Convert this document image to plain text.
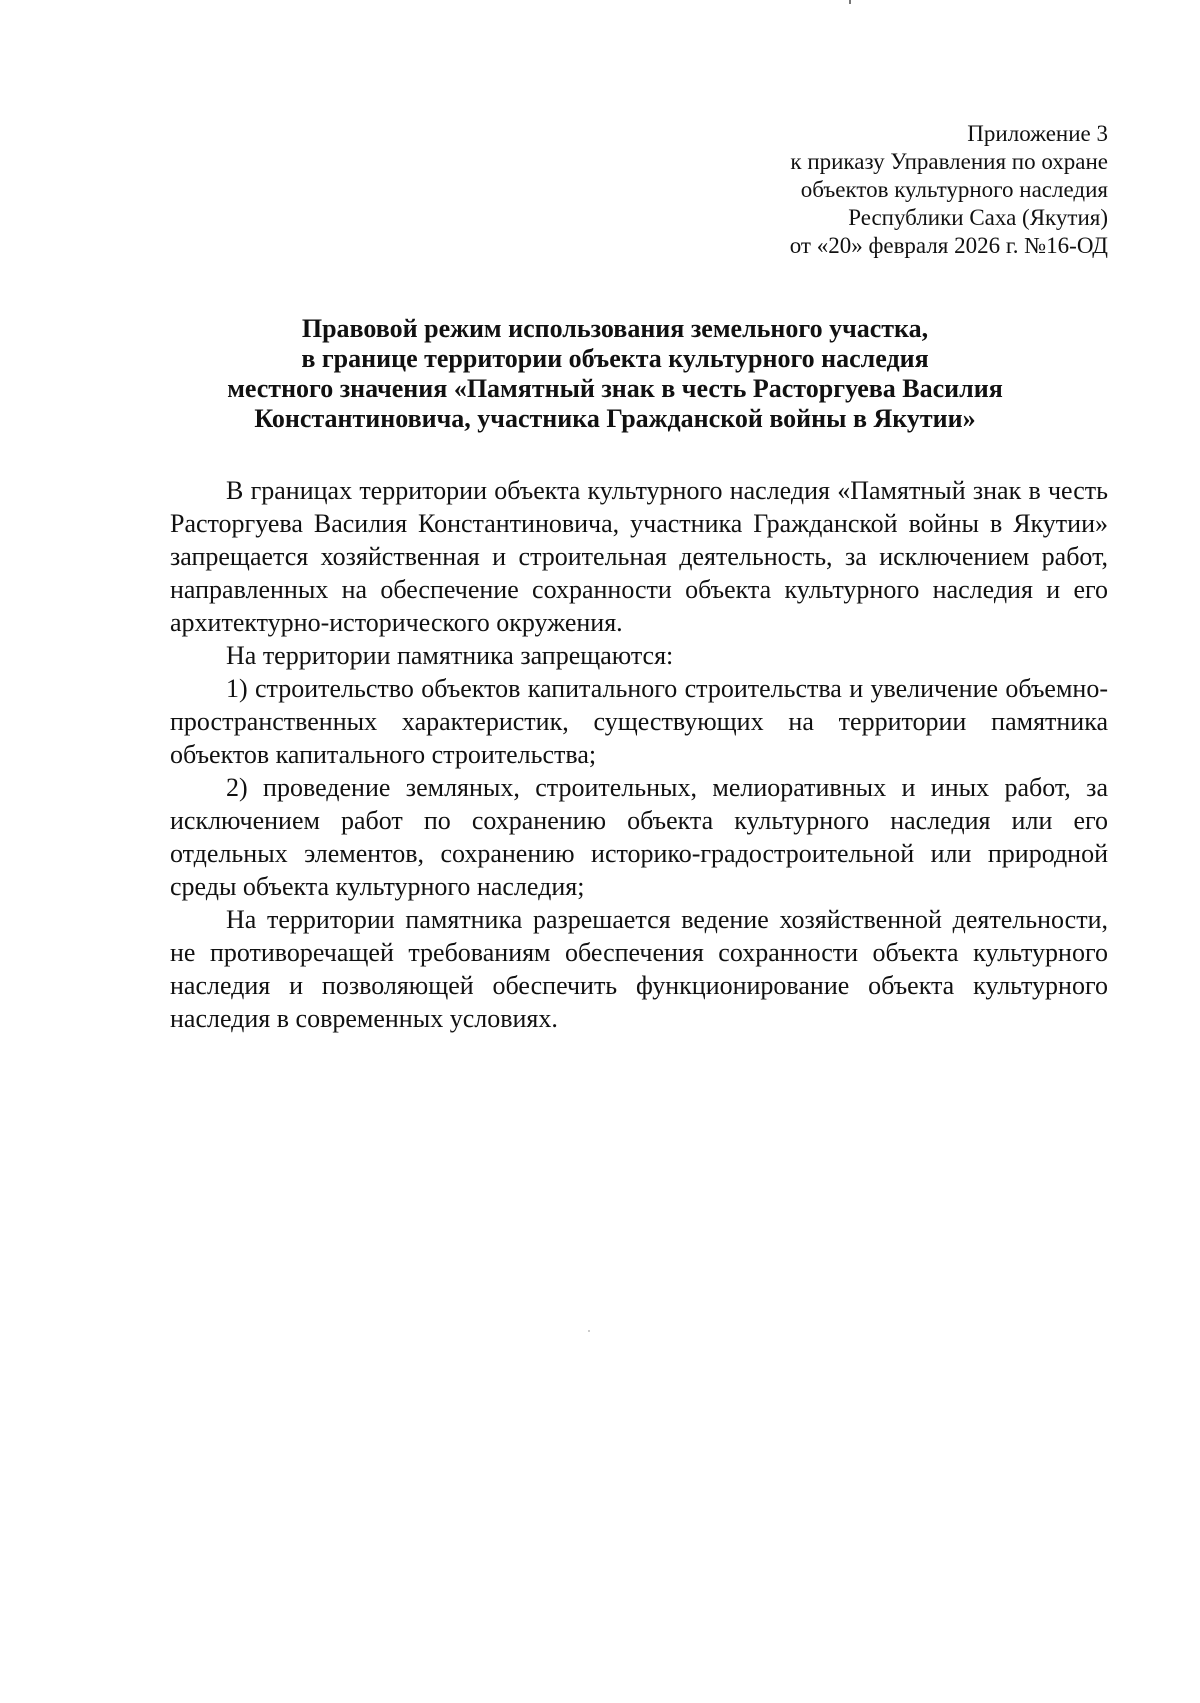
Приложение 3
к приказу Управления по охране
объектов культурного наследия
Республики Саха (Якутия)
от «20» февраля 2026 г. №16-ОД
Правовой режим использования земельного участка,
в границе территории объекта культурного наследия
местного значения «Памятный знак в честь Расторгуева Василия
Константиновича, участника Гражданской войны в Якутии»

В границах территории объекта культурного наследия «Памятный знак в честь Расторгуева Василия Константиновича, участника Гражданской войны в Якутии» запрещается хозяйственная и строительная деятельность, за исключением работ, направленных на обеспечение сохранности объекта культурного наследия и его архитектурно-исторического окружения.

На территории памятника запрещаются:

1) строительство объектов капитального строительства и увеличение объемно-пространственных характеристик, существующих на территории памятника объектов капитального строительства;

2) проведение земляных, строительных, мелиоративных и иных работ, за исключением работ по сохранению объекта культурного наследия или его отдельных элементов, сохранению историко-градостроительной или природной среды объекта культурного наследия;

На территории памятника разрешается ведение хозяйственной деятельности, не противоречащей требованиям обеспечения сохранности объекта культурного наследия и позволяющей обеспечить функционирование объекта культурного наследия в современных условиях.
